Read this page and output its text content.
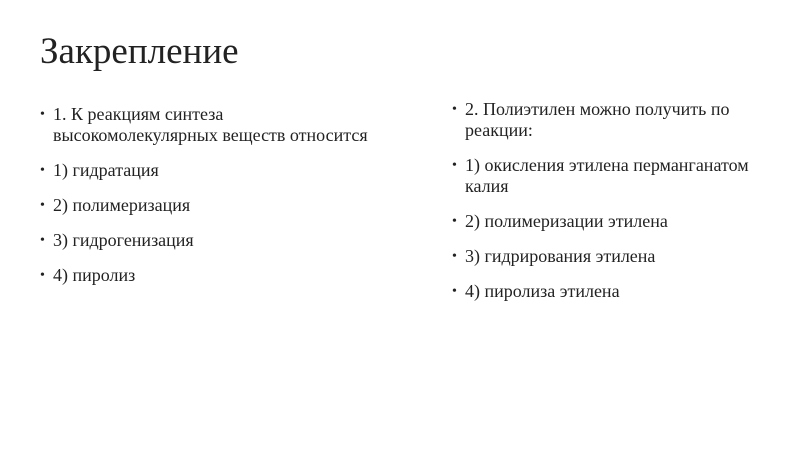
Закрепление
• 1. К реакциям синтеза высокомолекулярных веществ относится
• 1) гидратация
• 2) полимеризация
• 3) гидрогенизация
• 4) пиролиз
• 2. Полиэтилен можно получить по реакции:
• 1) окисления этилена перманганатом калия
• 2) полимеризации этилена
• 3) гидрирования этилена
• 4) пиролиза этилена
